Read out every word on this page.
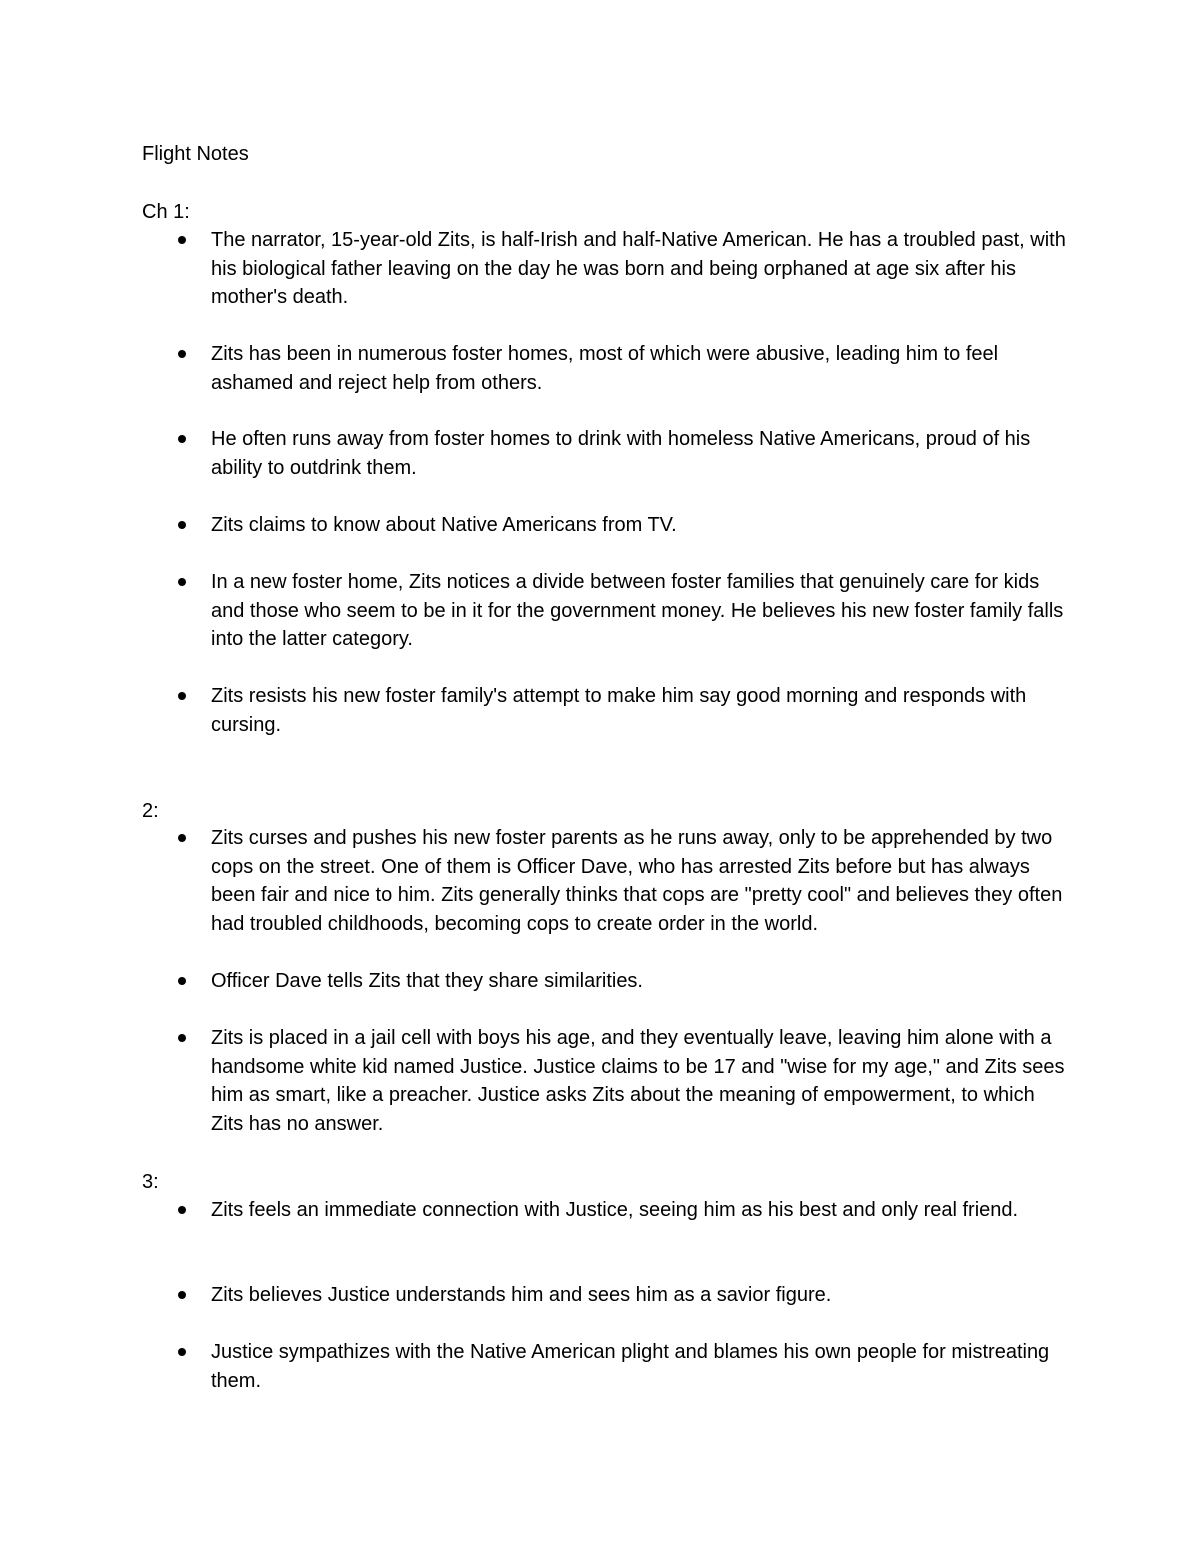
Flight Notes
Ch 1:

The narrator, 15-year-old Zits, is half-Irish and half-Native American. He has a troubled past, with his biological father leaving on the day he was born and being orphaned at age six after his mother's death.

Zits has been in numerous foster homes, most of which were abusive, leading him to feel ashamed and reject help from others.

He often runs away from foster homes to drink with homeless Native Americans, proud of his ability to outdrink them.

Zits claims to know about Native Americans from TV.

In a new foster home, Zits notices a divide between foster families that genuinely care for kids and those who seem to be in it for the government money. He believes his new foster family falls into the latter category.

Zits resists his new foster family's attempt to make him say good morning and responds with cursing.

2:

Zits curses and pushes his new foster parents as he runs away, only to be apprehended by two cops on the street. One of them is Officer Dave, who has arrested Zits before but has always been fair and nice to him. Zits generally thinks that cops are "pretty cool" and believes they often had troubled childhoods, becoming cops to create order in the world.

Officer Dave tells Zits that they share similarities.

Zits is placed in a jail cell with boys his age, and they eventually leave, leaving him alone with a handsome white kid named Justice. Justice claims to be 17 and "wise for my age," and Zits sees him as smart, like a preacher. Justice asks Zits about the meaning of empowerment, to which Zits has no answer.

3:

Zits feels an immediate connection with Justice, seeing him as his best and only real friend.

Zits believes Justice understands him and sees him as a savior figure.

Justice sympathizes with the Native American plight and blames his own people for mistreating them.
